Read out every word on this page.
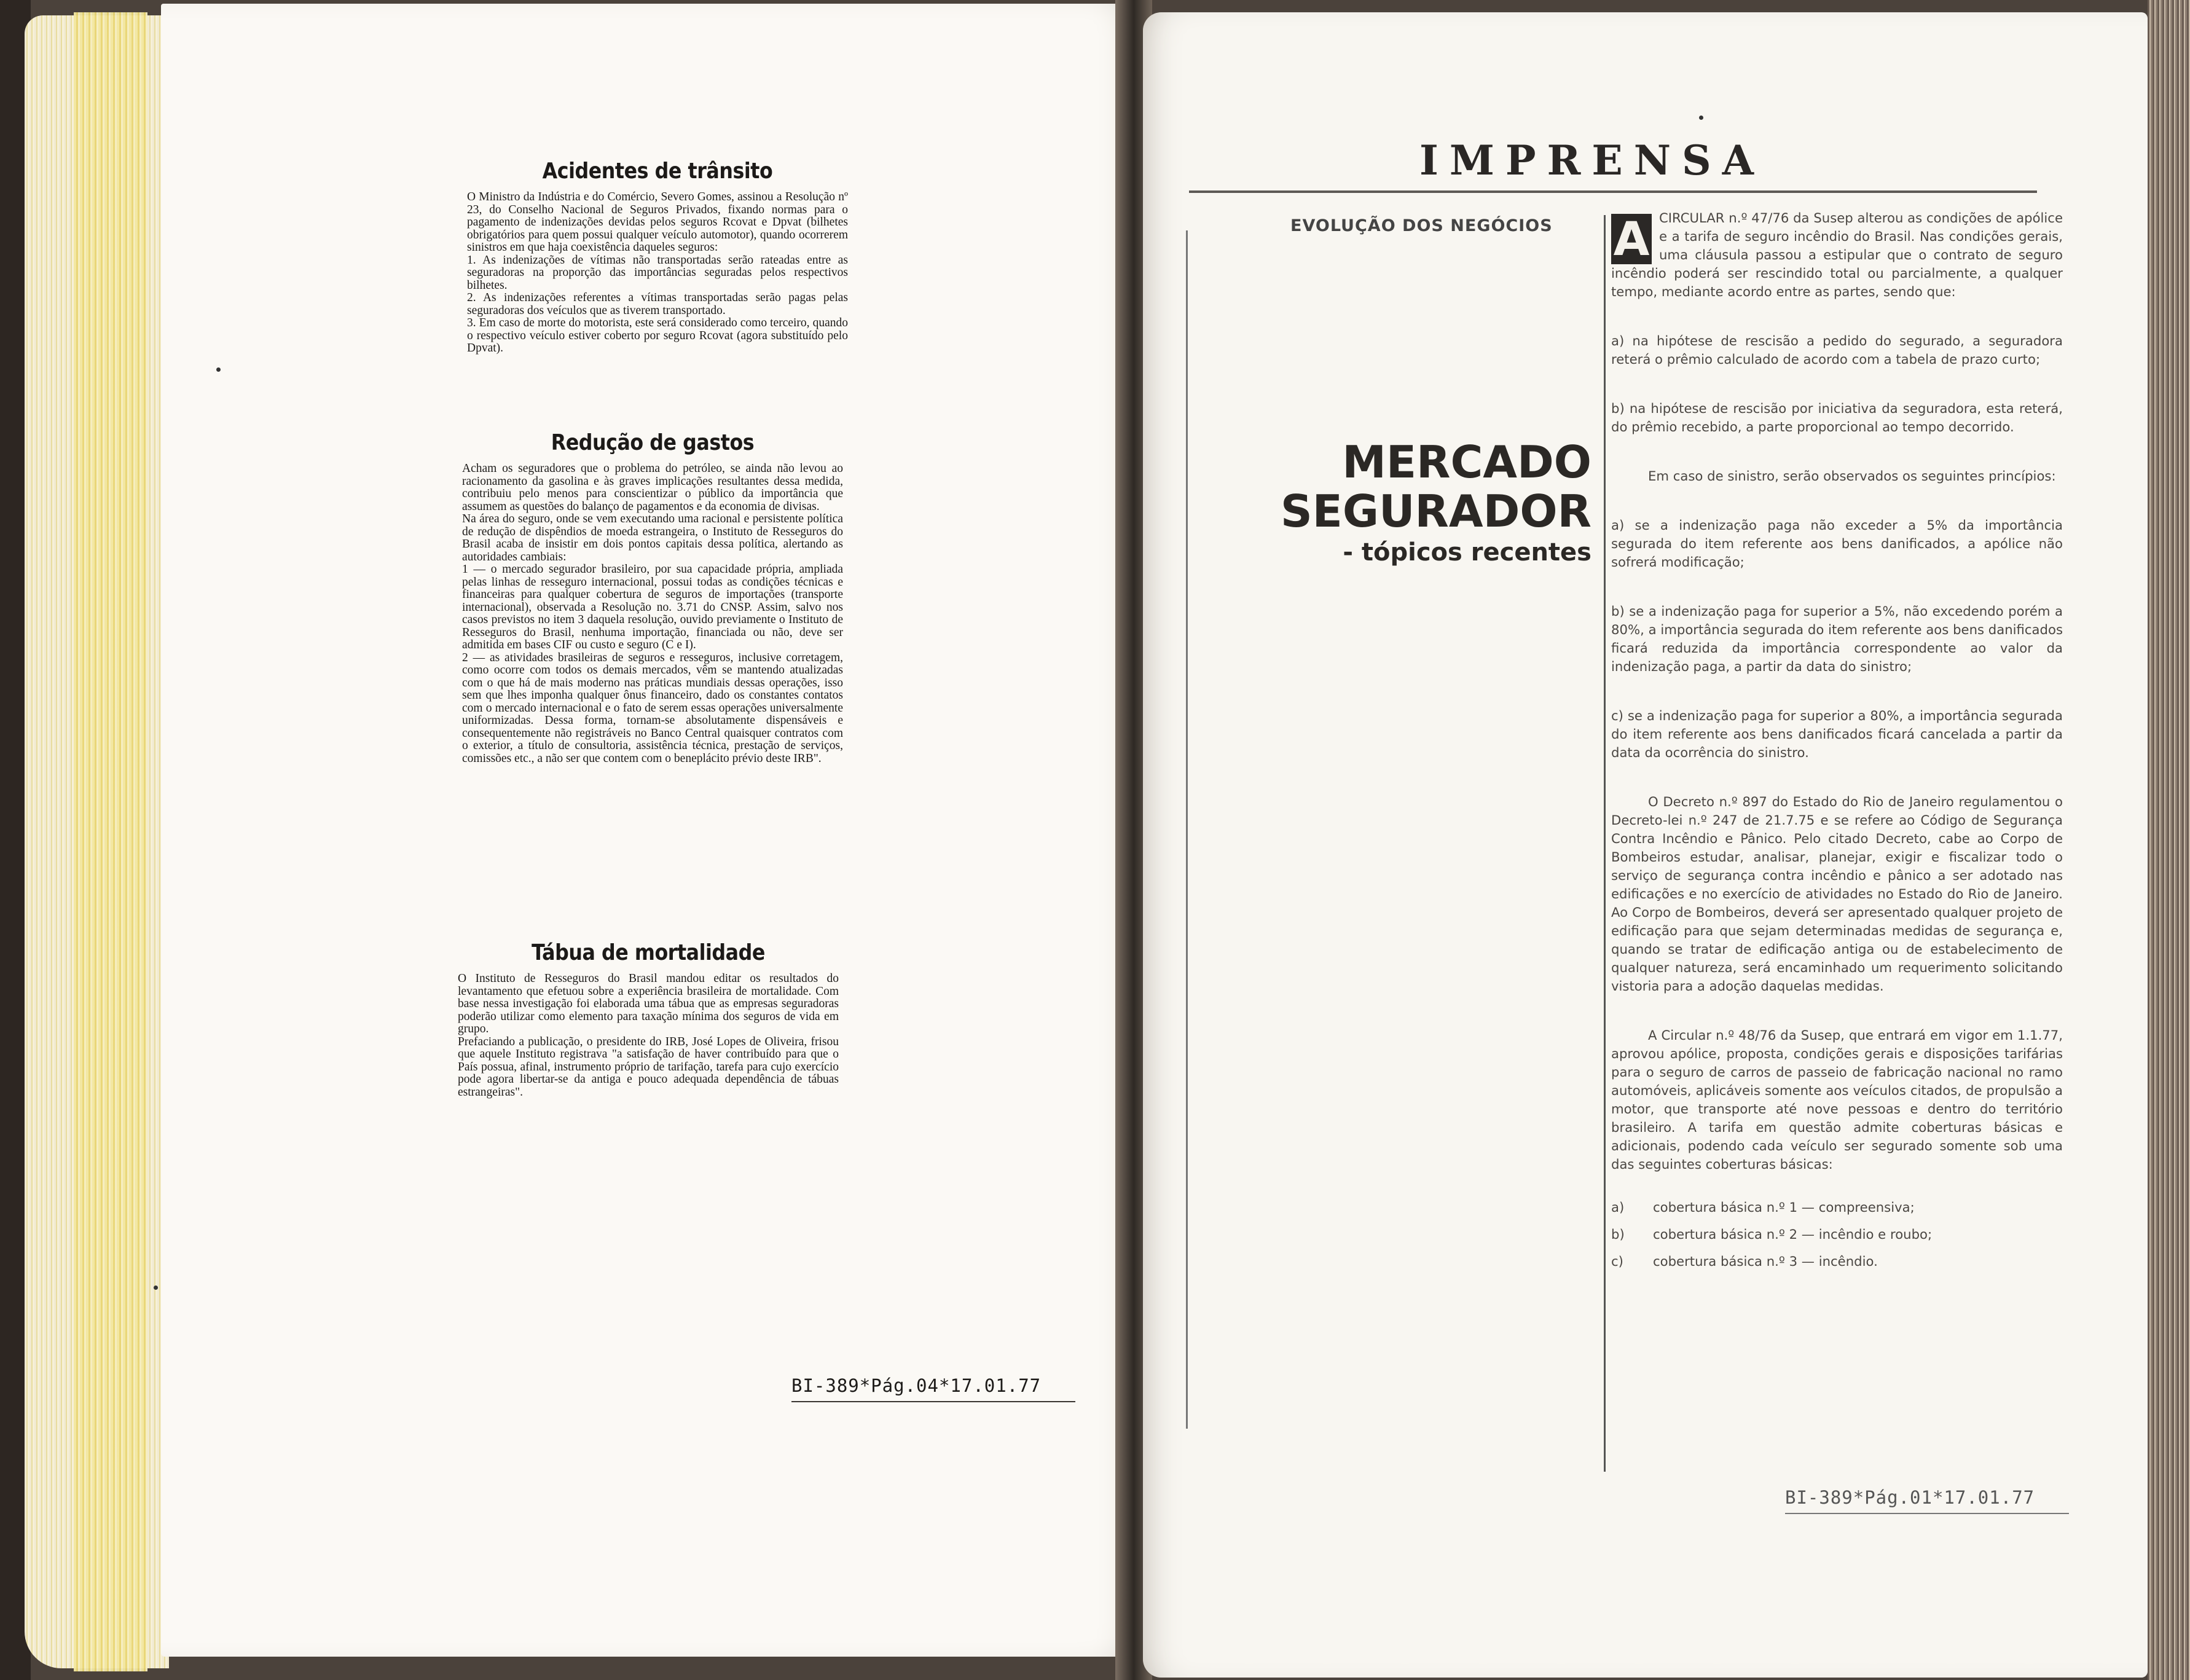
Acidentes de trânsito
O Ministro da Indústria e do Comércio, Severo Gomes, assinou a Resolução nº 23, do Conselho Nacional de Seguros Privados, fixando normas para o pagamento de indenizações devidas pelos seguros Rcovat e Dpvat (bilhetes obrigatórios para quem possui qualquer veículo automotor), quando ocorrerem sinistros em que haja coexistência daqueles seguros:
1. As indenizações de vítimas não transportadas serão rateadas entre as seguradoras na proporção das importâncias seguradas pelos respectivos bilhetes.
2. As indenizações referentes a vítimas transportadas serão pagas pelas seguradoras dos veículos que as tiverem transportado.
3. Em caso de morte do motorista, este será considerado como terceiro, quando o respectivo veículo estiver coberto por seguro Rcovat (agora substituído pelo Dpvat).
Redução de gastos
Acham os seguradores que o problema do petróleo, se ainda não levou ao racionamento da gasolina e às graves implicações resultantes dessa medida, contribuiu pelo menos para conscientizar o público da importância que assumem as questões do balanço de pagamentos e da economia de divisas.
Na área do seguro, onde se vem executando uma racional e persistente política de redução de dispêndios de moeda estrangeira, o Instituto de Resseguros do Brasil acaba de insistir em dois pontos capitais dessa política, alertando as autoridades cambiais:
1 — o mercado segurador brasileiro, por sua capacidade própria, ampliada pelas linhas de resseguro internacional, possui todas as condições técnicas e financeiras para qualquer cobertura de seguros de importações (transporte internacional), observada a Resolução no. 3.71 do CNSP. Assim, salvo nos casos previstos no item 3 daquela resolução, ouvido previamente o Instituto de Resseguros do Brasil, nenhuma importação, financiada ou não, deve ser admitida em bases CIF ou custo e seguro (C e I).
2 — as atividades brasileiras de seguros e resseguros, inclusive corretagem, como ocorre com todos os demais mercados, vêm se mantendo atualizadas com o que há de mais moderno nas práticas mundiais dessas operações, isso sem que lhes imponha qualquer ônus financeiro, dado os constantes contatos com o mercado internacional e o fato de serem essas operações universalmente uniformizadas. Dessa forma, tornam-se absolutamente dispensáveis e consequentemente não registráveis no Banco Central quaisquer contratos com o exterior, a título de consultoria, assistência técnica, prestação de serviços, comissões etc., a não ser que contem com o beneplácito prévio deste IRB".
Tábua de mortalidade
O Instituto de Resseguros do Brasil mandou editar os resultados do levantamento que efetuou sobre a experiência brasileira de mortalidade. Com base nessa investigação foi elaborada uma tábua que as empresas seguradoras poderão utilizar como elemento para taxação mínima dos seguros de vida em grupo.
Prefaciando a publicação, o presidente do IRB, José Lopes de Oliveira, frisou que aquele Instituto registrava "a satisfação de haver contribuído para que o País possua, afinal, instrumento próprio de tarifação, tarefa para cujo exercício pode agora libertar-se da antiga e pouco adequada dependência de tábuas estrangeiras".
BI-389*Pág.04*17.01.77
IMPRENSA
EVOLUÇÃO DOS NEGÓCIOS
MERCADO
SEGURADOR
- tópicos recentes
A CIRCULAR n.º 47/76 da Susep alterou as condições de apólice e a tarifa de seguro incêndio do Brasil. Nas condições gerais, uma cláusula passou a estipular que o contrato de seguro incêndio poderá ser rescindido total ou parcialmente, a qualquer tempo, mediante acordo entre as partes, sendo que:
a) na hipótese de rescisão a pedido do segurado, a seguradora reterá o prêmio calculado de acordo com a tabela de prazo curto;
b) na hipótese de rescisão por iniciativa da seguradora, esta reterá, do prêmio recebido, a parte proporcional ao tempo decorrido.
Em caso de sinistro, serão observados os seguintes princípios:
a) se a indenização paga não exceder a 5% da importância segurada do item referente aos bens danificados, a apólice não sofrerá modificação;
b) se a indenização paga for superior a 5%, não excedendo porém a 80%, a importância segurada do item referente aos bens danificados ficará reduzida da importância correspondente ao valor da indenização paga, a partir da data do sinistro;
c) se a indenização paga for superior a 80%, a importância segurada do item referente aos bens danificados ficará cancelada a partir da data da ocorrência do sinistro.
O Decreto n.º 897 do Estado do Rio de Janeiro regulamentou o Decreto-lei n.º 247 de 21.7.75 e se refere ao Código de Segurança Contra Incêndio e Pânico. Pelo citado Decreto, cabe ao Corpo de Bombeiros estudar, analisar, planejar, exigir e fiscalizar todo o serviço de segurança contra incêndio e pânico a ser adotado nas edificações e no exercício de atividades no Estado do Rio de Janeiro. Ao Corpo de Bombeiros, deverá ser apresentado qualquer projeto de edificação para que sejam determinadas medidas de segurança e, quando se tratar de edificação antiga ou de estabelecimento de qualquer natureza, será encaminhado um requerimento solicitando vistoria para a adoção daquelas medidas.
A Circular n.º 48/76 da Susep, que entrará em vigor em 1.1.77, aprovou apólice, proposta, condições gerais e disposições tarifárias para o seguro de carros de passeio de fabricação nacional no ramo automóveis, aplicáveis somente aos veículos citados, de propulsão a motor, que transporte até nove pessoas e dentro do território brasileiro. A tarifa em questão admite coberturas básicas e adicionais, podendo cada veículo ser segurado somente sob uma das seguintes coberturas básicas:
a)	cobertura básica n.º 1 — compreensiva;
b)	cobertura básica n.º 2 — incêndio e roubo;
c)	cobertura básica n.º 3 — incêndio.
BI-389*Pág.01*17.01.77
